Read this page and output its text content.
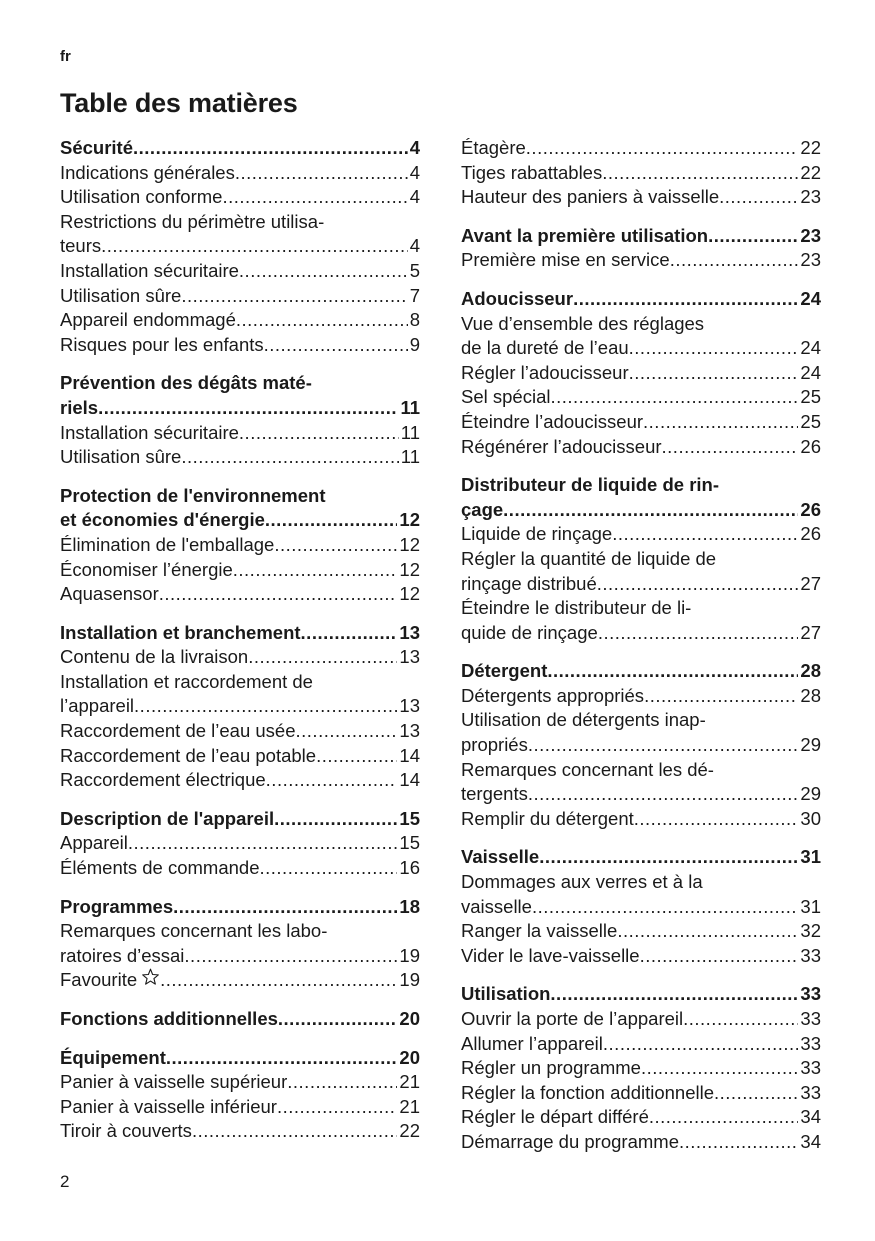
fr
Table des matières
Sécurité .....	4
Indications générales .....	4
Utilisation conforme .....	4
Restrictions du périmètre utilisa-
teurs .....	4
Installation sécuritaire .....	5
Utilisation sûre .....	7
Appareil endommagé .....	8
Risques pour les enfants .....	9
Prévention des dégâts maté-
riels .....	11
Installation sécuritaire .....	11
Utilisation sûre .....	11
Protection de l'environnement
et économies d'énergie .....	12
Élimination de l'emballage .....	12
Économiser l’énergie .....	12
Aquasensor .....	12
Installation et branchement .....	13
Contenu de la livraison .....	13
Installation et raccordement de
l’appareil .....	13
Raccordement de l’eau usée .....	13
Raccordement de l’eau potable .....	14
Raccordement électrique .....	14
Description de l'appareil .....	15
Appareil .....	15
Éléments de commande .....	16
Programmes .....	18
Remarques concernant les labo-
ratoires d’essai .....	19
Favourite .....	19
Fonctions additionnelles .....	20
Équipement .....	20
Panier à vaisselle supérieur .....	21
Panier à vaisselle inférieur .....	21
Tiroir à couverts .....	22
Étagère .....	22
Tiges rabattables .....	22
Hauteur des paniers à vaisselle .....	23
Avant la première utilisation .....	23
Première mise en service .....	23
Adoucisseur .....	24
Vue d’ensemble des réglages
de la dureté de l’eau .....	24
Régler l’adoucisseur .....	24
Sel spécial .....	25
Éteindre l’adoucisseur .....	25
Régénérer l’adoucisseur .....	26
Distributeur de liquide de rin-
çage .....	26
Liquide de rinçage .....	26
Régler la quantité de liquide de
rinçage distribué .....	27
Éteindre le distributeur de li-
quide de rinçage .....	27
Détergent .....	28
Détergents appropriés .....	28
Utilisation de détergents inap-
propriés .....	29
Remarques concernant les dé-
tergents .....	29
Remplir du détergent .....	30
Vaisselle .....	31
Dommages aux verres et à la
vaisselle .....	31
Ranger la vaisselle .....	32
Vider le lave-vaisselle .....	33
Utilisation .....	33
Ouvrir la porte de l’appareil .....	33
Allumer l’appareil .....	33
Régler un programme .....	33
Régler la fonction additionnelle .....	33
Régler le départ différé .....	34
Démarrage du programme .....	34
2
